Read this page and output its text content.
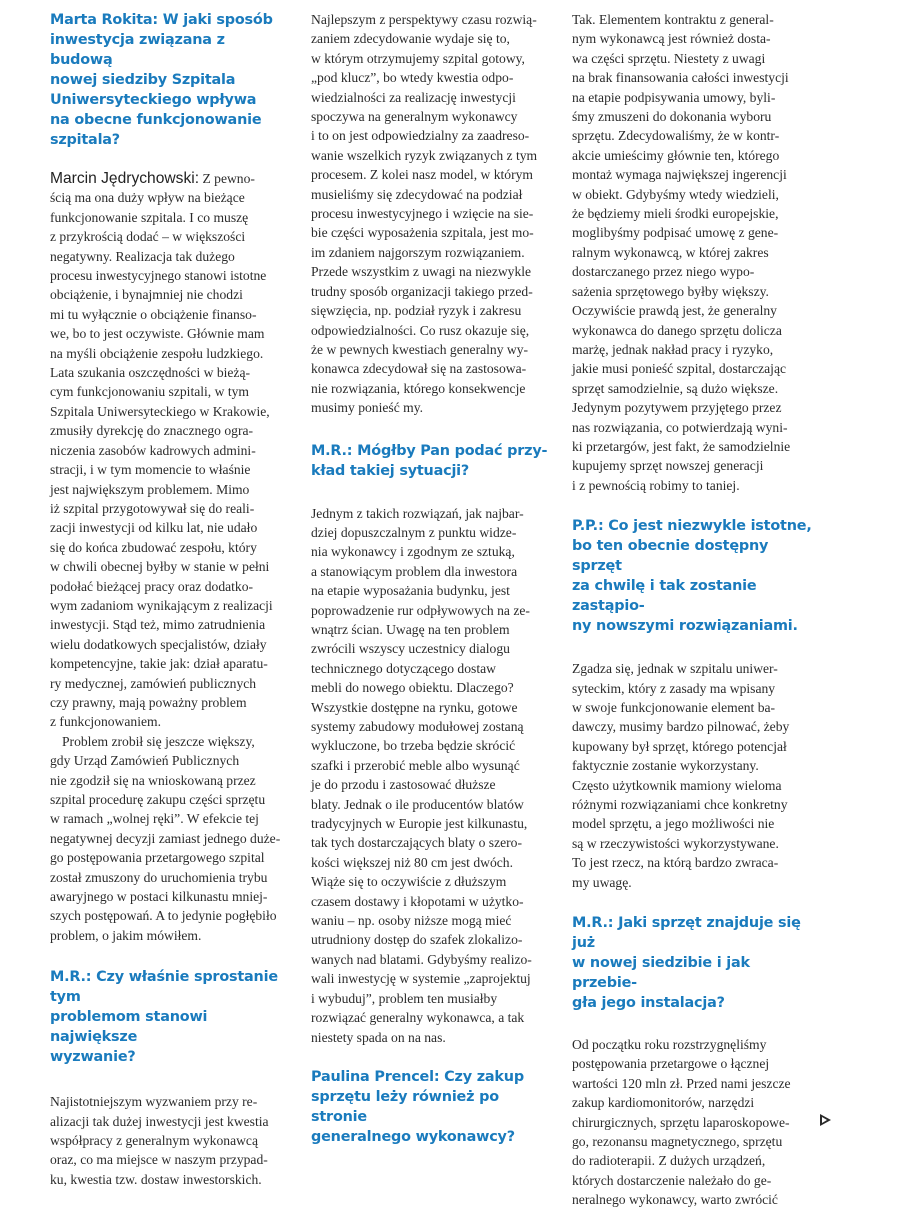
Marta Rokita: W jaki sposób
inwestycja związana z budową
nowej siedziby Szpitala
Uniwersyteckiego wpływa
na obecne funkcjonowanie
szpitala?

Marcin Jędrychowski: Z pewno-
ścią ma ona duży wpływ na bieżące
funkcjonowanie szpitala. I co muszę
z przykrością dodać – w większości
negatywny. Realizacja tak dużego
procesu inwestycyjnego stanowi istotne
obciążenie, i bynajmniej nie chodzi
mi tu wyłącznie o obciążenie finanso-
we, bo to jest oczywiste. Głównie mam
na myśli obciążenie zespołu ludzkiego.
Lata szukania oszczędności w bieżą-
cym funkcjonowaniu szpitali, w tym
Szpitala Uniwersyteckiego w Krakowie,
zmusiły dyrekcję do znacznego ogra-
niczenia zasobów kadrowych admini-
stracji, i w tym momencie to właśnie
jest największym problemem. Mimo
iż szpital przygotowywał się do reali-
zacji inwestycji od kilku lat, nie udało
się do końca zbudować zespołu, który
w chwili obecnej byłby w stanie w pełni
podołać bieżącej pracy oraz dodatko-
wym zadaniom wynikającym z realizacji
inwestycji. Stąd też, mimo zatrudnienia
wielu dodatkowych specjalistów, działy
kompetencyjne, takie jak: dział aparatu-
ry medycznej, zamówień publicznych
czy prawny, mają poważny problem
z funkcjonowaniem.

Problem zrobił się jeszcze większy,
gdy Urząd Zamówień Publicznych
nie zgodził się na wnioskowaną przez
szpital procedurę zakupu części sprzętu
w ramach „wolnej ręki”. W efekcie tej
negatywnej decyzji zamiast jednego duże-
go postępowania przetargowego szpital
został zmuszony do uruchomienia trybu
awaryjnego w postaci kilkunastu mniej-
szych postępowań. A to jedynie pogłębiło
problem, o jakim mówiłem.

M.R.: Czy właśnie sprostanie tym
problemom stanowi największe
wyzwanie?

Najistotniejszym wyzwaniem przy re-
alizacji tak dużej inwestycji jest kwestia
współpracy z generalnym wykonawcą
oraz, co ma miejsce w naszym przypad-
ku, kwestia tzw. dostaw inwestorskich.

Najlepszym z perspektywy czasu rozwią-
zaniem zdecydowanie wydaje się to,
w którym otrzymujemy szpital gotowy,
„pod klucz”, bo wtedy kwestia odpo-
wiedzialności za realizację inwestycji
spoczywa na generalnym wykonawcy
i to on jest odpowiedzialny za zaadreso-
wanie wszelkich ryzyk związanych z tym
procesem. Z kolei nasz model, w którym
musieliśmy się zdecydować na podział
procesu inwestycyjnego i wzięcie na sie-
bie części wyposażenia szpitala, jest mo-
im zdaniem najgorszym rozwiązaniem.
Przede wszystkim z uwagi na niezwykle
trudny sposób organizacji takiego przed-
sięwzięcia, np. podział ryzyk i zakresu
odpowiedzialności. Co rusz okazuje się,
że w pewnych kwestiach generalny wy-
konawca zdecydował się na zastosowa-
nie rozwiązania, którego konsekwencje
musimy ponieść my.

M.R.: Mógłby Pan podać przy-
kład takiej sytuacji?

Jednym z takich rozwiązań, jak najbar-
dziej dopuszczalnym z punktu widze-
nia wykonawcy i zgodnym ze sztuką,
a stanowiącym problem dla inwestora
na etapie wyposażania budynku, jest
poprowadzenie rur odpływowych na ze-
wnątrz ścian. Uwagę na ten problem
zwrócili wszyscy uczestnicy dialogu
technicznego dotyczącego dostaw
mebli do nowego obiektu. Dlaczego?
Wszystkie dostępne na rynku, gotowe
systemy zabudowy modułowej zostaną
wykluczone, bo trzeba będzie skrócić
szafki i przerobić meble albo wysunąć
je do przodu i zastosować dłuższe
blaty. Jednak o ile producentów blatów
tradycyjnych w Europie jest kilkunastu,
tak tych dostarczających blaty o szero-
kości większej niż 80 cm jest dwóch.
Wiąże się to oczywiście z dłuższym
czasem dostawy i kłopotami w użytko-
waniu – np. osoby niższe mogą mieć
utrudniony dostęp do szafek zlokalizo-
wanych nad blatami. Gdybyśmy realizo-
wali inwestycję w systemie „zaprojektuj
i wybuduj”, problem ten musiałby
rozwiązać generalny wykonawca, a tak
niestety spada on na nas.

Paulina Prencel: Czy zakup
sprzętu leży również po stronie
generalnego wykonawcy?

Tak. Elementem kontraktu z general-
nym wykonawcą jest również dosta-
wa części sprzętu. Niestety z uwagi
na brak finansowania całości inwestycji
na etapie podpisywania umowy, byli-
śmy zmuszeni do dokonania wyboru
sprzętu. Zdecydowaliśmy, że w kontr-
akcie umieścimy głównie ten, którego
montaż wymaga największej ingerencji
w obiekt. Gdybyśmy wtedy wiedzieli,
że będziemy mieli środki europejskie,
moglibyśmy podpisać umowę z gene-
ralnym wykonawcą, w której zakres
dostarczanego przez niego wypo-
sażenia sprzętowego byłby większy.
Oczywiście prawdą jest, że generalny
wykonawca do danego sprzętu dolicza
marżę, jednak nakład pracy i ryzyko,
jakie musi ponieść szpital, dostarczając
sprzęt samodzielnie, są dużo większe.
Jedynym pozytywem przyjętego przez
nas rozwiązania, co potwierdzają wyni-
ki przetargów, jest fakt, że samodzielnie
kupujemy sprzęt nowszej generacji
i z pewnością robimy to taniej.

P.P.: Co jest niezwykle istotne,
bo ten obecnie dostępny sprzęt
za chwilę i tak zostanie zastąpio-
ny nowszymi rozwiązaniami.

Zgadza się, jednak w szpitalu uniwer-
syteckim, który z zasady ma wpisany
w swoje funkcjonowanie element ba-
dawczy, musimy bardzo pilnować, żeby
kupowany był sprzęt, którego potencjał
faktycznie zostanie wykorzystany.
Często użytkownik mamiony wieloma
różnymi rozwiązaniami chce konkretny
model sprzętu, a jego możliwości nie
są w rzeczywistości wykorzystywane.
To jest rzecz, na którą bardzo zwraca-
my uwagę.

M.R.: Jaki sprzęt znajduje się już
w nowej siedzibie i jak przebie-
gła jego instalacja?

Od początku roku rozstrzygnęliśmy
postępowania przetargowe o łącznej
wartości 120 mln zł. Przed nami jeszcze
zakup kardiomonitorów, narzędzi
chirurgicznych, sprzętu laparoskopowe-
go, rezonansu magnetycznego, sprzętu
do radioterapii. Z dużych urządzeń,
których dostarczenie należało do ge-
neralnego wykonawcy, warto zwrócić
